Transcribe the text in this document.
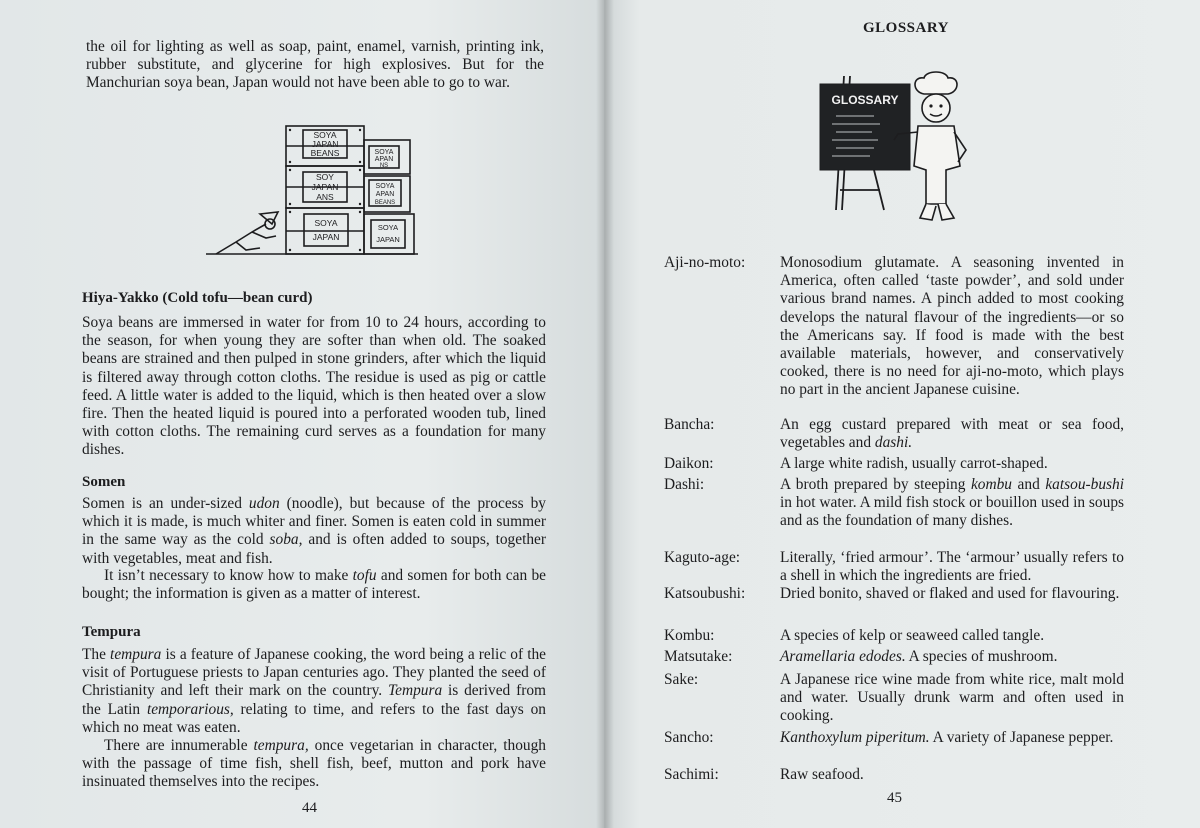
the oil for lighting as well as soap, paint, enamel, varnish, printing ink, rubber substitute, and glycerine for high explosives. But for the Manchurian soya bean, Japan would not have been able to go to war.

SOYA
JAPAN
BEANS
SOY
JAPAN
ANS
SOYA
JAPAN
SOYA
APAN
NS
SOYA
APAN
BEANS
SOYA
JAPAN
Hiya-Yakko (Cold tofu—bean curd)

Soya beans are immersed in water for from 10 to 24 hours, according to the season, for when young they are softer than when old. The soaked beans are strained and then pulped in stone grinders, after which the liquid is filtered away through cotton cloths. The residue is used as pig or cattle feed. A little water is added to the liquid, which is then heated over a slow fire. Then the heated liquid is poured into a perforated wooden tub, lined with cotton cloths. The remaining curd serves as a foundation for many dishes.

Somen

Somen is an under-sized udon (noodle), but because of the process by which it is made, is much whiter and finer. Somen is eaten cold in summer in the same way as the cold soba, and is often added to soups, together with vegetables, meat and fish.

It isn’t necessary to know how to make tofu and somen for both can be bought; the information is given as a matter of interest.

Tempura

The tempura is a feature of Japanese cooking, the word being a relic of the visit of Portuguese priests to Japan centuries ago. They planted the seed of Christianity and left their mark on the country. Tempura is derived from the Latin temporarious, relating to time, and refers to the fast days on which no meat was eaten.

There are innumerable tempura, once vegetarian in character, though with the passage of time fish, shell fish, beef, mutton and pork have insinuated themselves into the recipes.

44
GLOSSARY
GLOSSARY
Aji-no-moto:	Monosodium glutamate. A seasoning invented in America, often called ‘taste powder’, and sold under various brand names. A pinch added to most cooking develops the natural flavour of the ingredients—or so the Americans say. If food is made with the best available materials, however, and conservatively cooked, there is no need for aji-no-moto, which plays no part in the ancient Japanese cuisine.

Bancha:	An egg custard prepared with meat or sea food, vegetables and dashi.

Daikon:	A large white radish, usually carrot-shaped.

Dashi:	A broth prepared by steeping kombu and katsou-bushi in hot water. A mild fish stock or bouillon used in soups and as the foundation of many dishes.

Kaguto-age:	Literally, ‘fried armour’. The ‘armour’ usually refers to a shell in which the ingredients are fried.

Katsoubushi:	Dried bonito, shaved or flaked and used for flavouring.

Kombu:	A species of kelp or seaweed called tangle.

Matsutake:	Aramellaria edodes. A species of mushroom.

Sake:	A Japanese rice wine made from white rice, malt mold and water. Usually drunk warm and often used in cooking.

Sancho:	Kanthoxylum piperitum. A variety of Japanese pepper.

Sachimi:	Raw seafood.

45
